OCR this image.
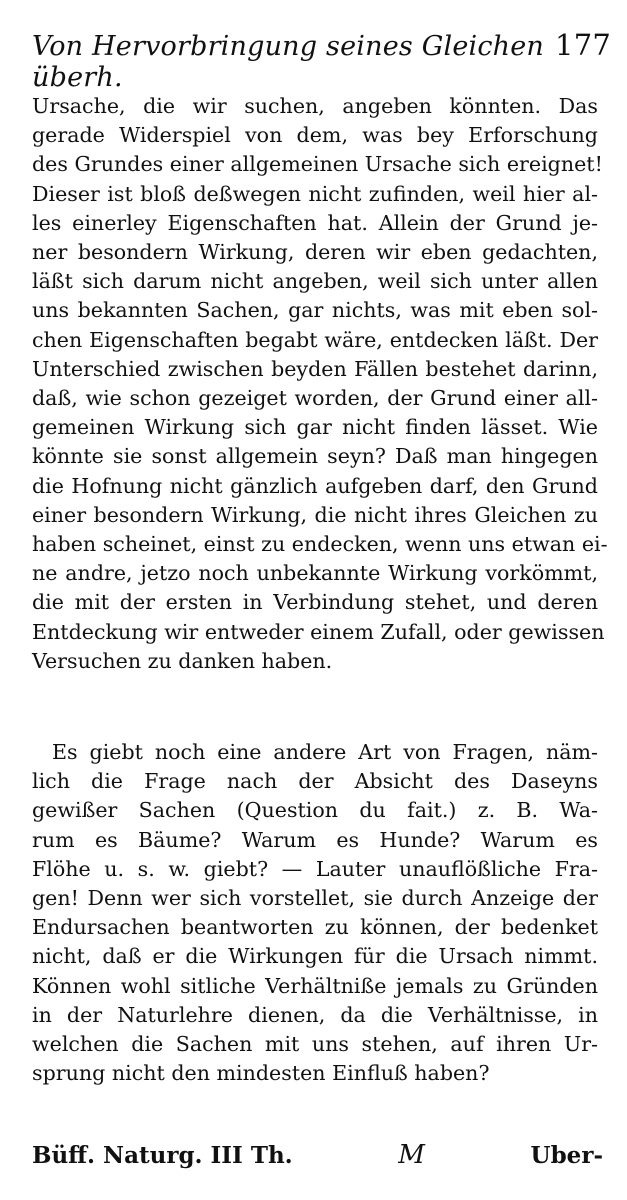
Von Hervorbringung seines Gleichen überh.
177
Ursache, die wir suchen, angeben könnten. Das
gerade Widerspiel von dem, was bey Erforschung
des Grundes einer allgemeinen Ursache sich ereignet!
Dieser ist bloß deßwegen nicht zufinden, weil hier al-
les einerley Eigenschaften hat. Allein der Grund je-
ner besondern Wirkung, deren wir eben gedachten,
läßt sich darum nicht angeben, weil sich unter allen
uns bekannten Sachen, gar nichts, was mit eben sol-
chen Eigenschaften begabt wäre, entdecken läßt. Der
Unterschied zwischen beyden Fällen bestehet darinn,
daß, wie schon gezeiget worden, der Grund einer all-
gemeinen Wirkung sich gar nicht finden lässet. Wie
könnte sie sonst allgemein seyn? Daß man hingegen
die Hofnung nicht gänzlich aufgeben darf, den Grund
einer besondern Wirkung, die nicht ihres Gleichen zu
haben scheinet, einst zu endecken, wenn uns etwan ei-
ne andre, jetzo noch unbekannte Wirkung vorkömmt,
die mit der ersten in Verbindung stehet, und deren
Entdeckung wir entweder einem Zufall, oder gewissen
Versuchen zu danken haben.
Es giebt noch eine andere Art von Fragen, näm-
lich die Frage nach der Absicht des Daseyns
gewißer Sachen (Question du fait.) z. B. Wa-
rum es Bäume? Warum es Hunde? Warum es
Flöhe u. s. w. giebt? — Lauter unauflößliche Fra-
gen! Denn wer sich vorstellet, sie durch Anzeige der
Endursachen beantworten zu können, der bedenket
nicht, daß er die Wirkungen für die Ursach nimmt.
Können wohl sitliche Verhältniße jemals zu Gründen
in der Naturlehre dienen, da die Verhältnisse, in
welchen die Sachen mit uns stehen, auf ihren Ur-
sprung nicht den mindesten Einfluß haben?
Büff. Naturg. III Th.	M	Uber-
